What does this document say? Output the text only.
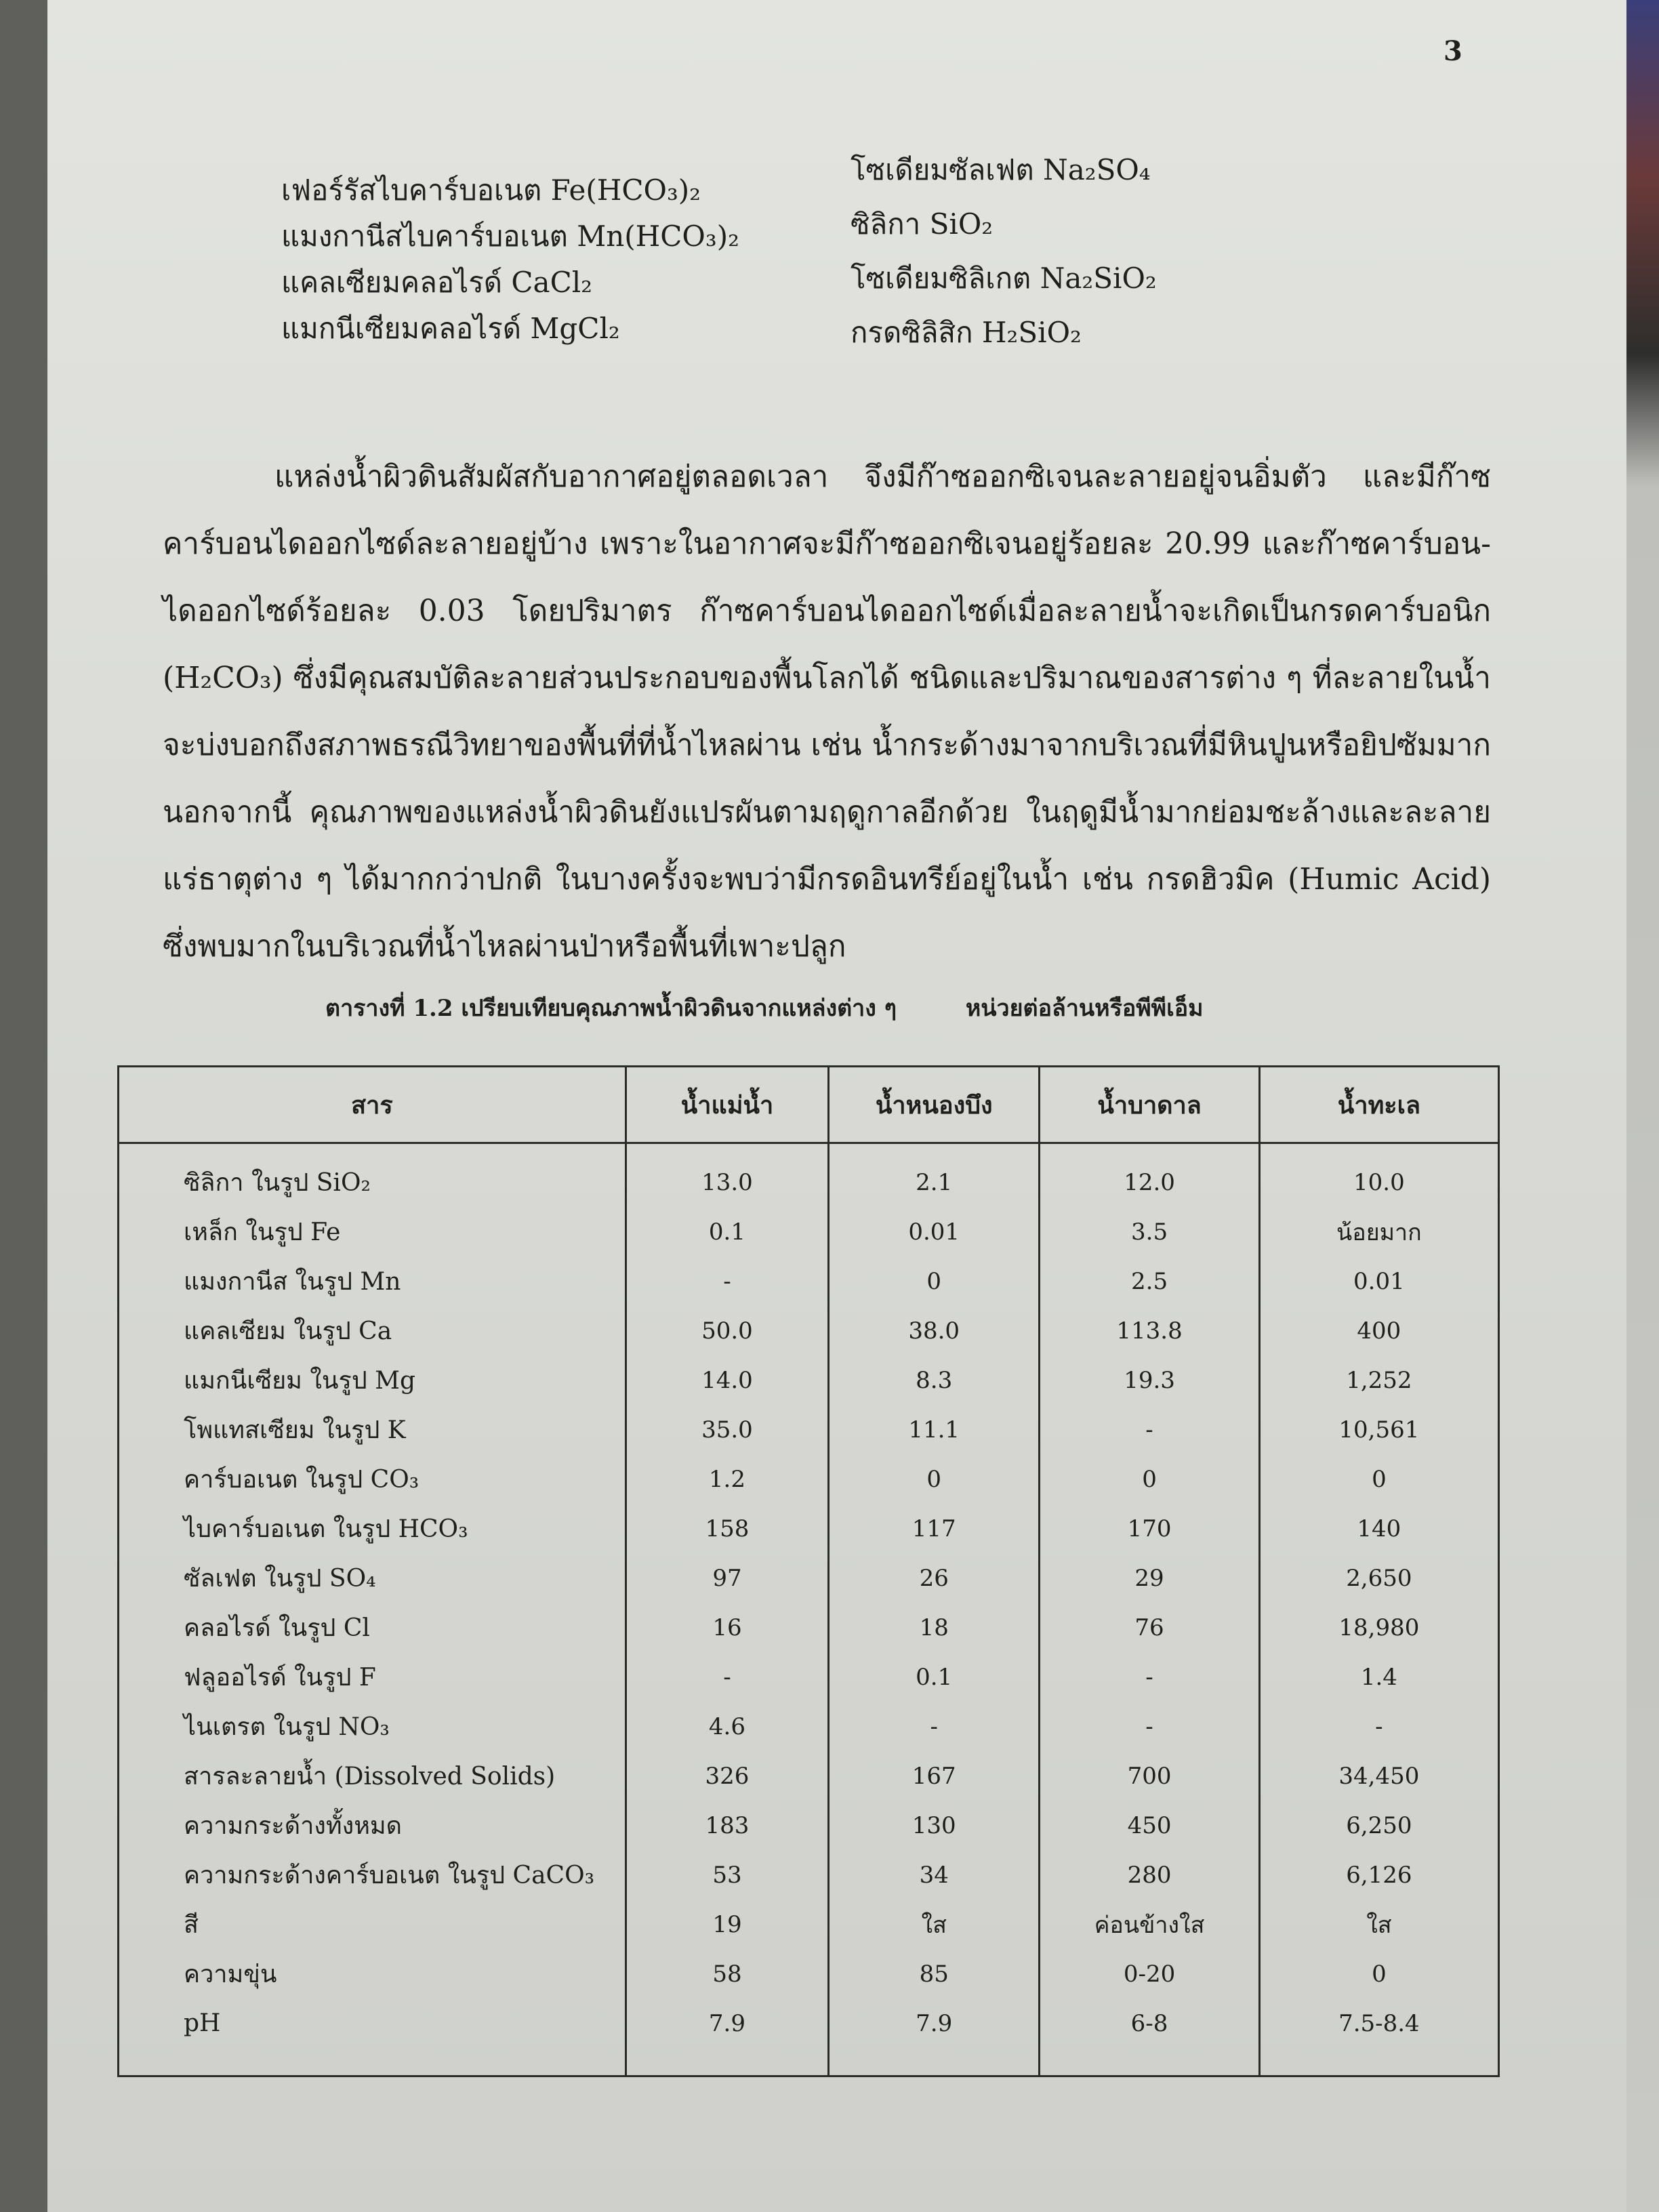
3
เฟอร์รัสไบคาร์บอเนต Fe(HCO₃)₂
แมงกานีสไบคาร์บอเนต Mn(HCO₃)₂
แคลเซียมคลอไรด์ CaCl₂
แมกนีเซียมคลอไรด์ MgCl₂
โซเดียมซัลเฟต Na₂SO₄
ซิลิกา SiO₂
โซเดียมซิลิเกต Na₂SiO₂
กรดซิลิสิก H₂SiO₂

แหล่งน้ำผิวดินสัมผัสกับอากาศอยู่ตลอดเวลา จึงมีก๊าซออกซิเจนละลายอยู่จนอิ่มตัว และมีก๊าซคาร์บอนไดออกไซด์ละลายอยู่บ้าง เพราะในอากาศจะมีก๊าซออกซิเจนอยู่ร้อยละ 20.99 และก๊าซคาร์บอน-ไดออกไซด์ร้อยละ 0.03 โดยปริมาตร ก๊าซคาร์บอนไดออกไซด์เมื่อละลายน้ำจะเกิดเป็นกรดคาร์บอนิก (H₂CO₃) ซึ่งมีคุณสมบัติละลายส่วนประกอบของพื้นโลกได้ ชนิดและปริมาณของสารต่าง ๆ ที่ละลายในน้ำจะบ่งบอกถึงสภาพธรณีวิทยาของพื้นที่ที่น้ำไหลผ่าน เช่น น้ำกระด้างมาจากบริเวณที่มีหินปูนหรือยิปซัมมาก นอกจากนี้ คุณภาพของแหล่งน้ำผิวดินยังแปรผันตามฤดูกาลอีกด้วย ในฤดูมีน้ำมากย่อมชะล้างและละลายแร่ธาตุต่าง ๆ ได้มากกว่าปกติ ในบางครั้งจะพบว่ามีกรดอินทรีย์อยู่ในน้ำ เช่น กรดฮิวมิค (Humic Acid) ซึ่งพบมากในบริเวณที่น้ำไหลผ่านป่าหรือพื้นที่เพาะปลูก

ตารางที่ 1.2 เปรียบเทียบคุณภาพน้ำผิวดินจากแหล่งต่าง ๆ	หน่วยต่อล้านหรือพีพีเอ็ม
สาร	น้ำแม่น้ำ	น้ำหนองบึง	น้ำบาดาล	น้ำทะเล
ซิลิกา ในรูป SiO₂	13.0	2.1	12.0	10.0
เหล็ก ในรูป Fe	0.1	0.01	3.5	น้อยมาก
แมงกานีส ในรูป Mn	-	0	2.5	0.01
แคลเซียม ในรูป Ca	50.0	38.0	113.8	400
แมกนีเซียม ในรูป Mg	14.0	8.3	19.3	1,252
โพแทสเซียม ในรูป K	35.0	11.1	-	10,561
คาร์บอเนต ในรูป CO₃	1.2	0	0	0
ไบคาร์บอเนต ในรูป HCO₃	158	117	170	140
ซัลเฟต ในรูป SO₄	97	26	29	2,650
คลอไรด์ ในรูป Cl	16	18	76	18,980
ฟลูออไรด์ ในรูป F	-	0.1	-	1.4
ไนเตรต ในรูป NO₃	4.6	-	-	-
สารละลายน้ำ (Dissolved Solids)	326	167	700	34,450
ความกระด้างทั้งหมด	183	130	450	6,250
ความกระด้างคาร์บอเนต ในรูป CaCO₃	53	34	280	6,126
สี	19	ใส	ค่อนข้างใส	ใส
ความขุ่น	58	85	0-20	0
pH	7.9	7.9	6-8	7.5-8.4
